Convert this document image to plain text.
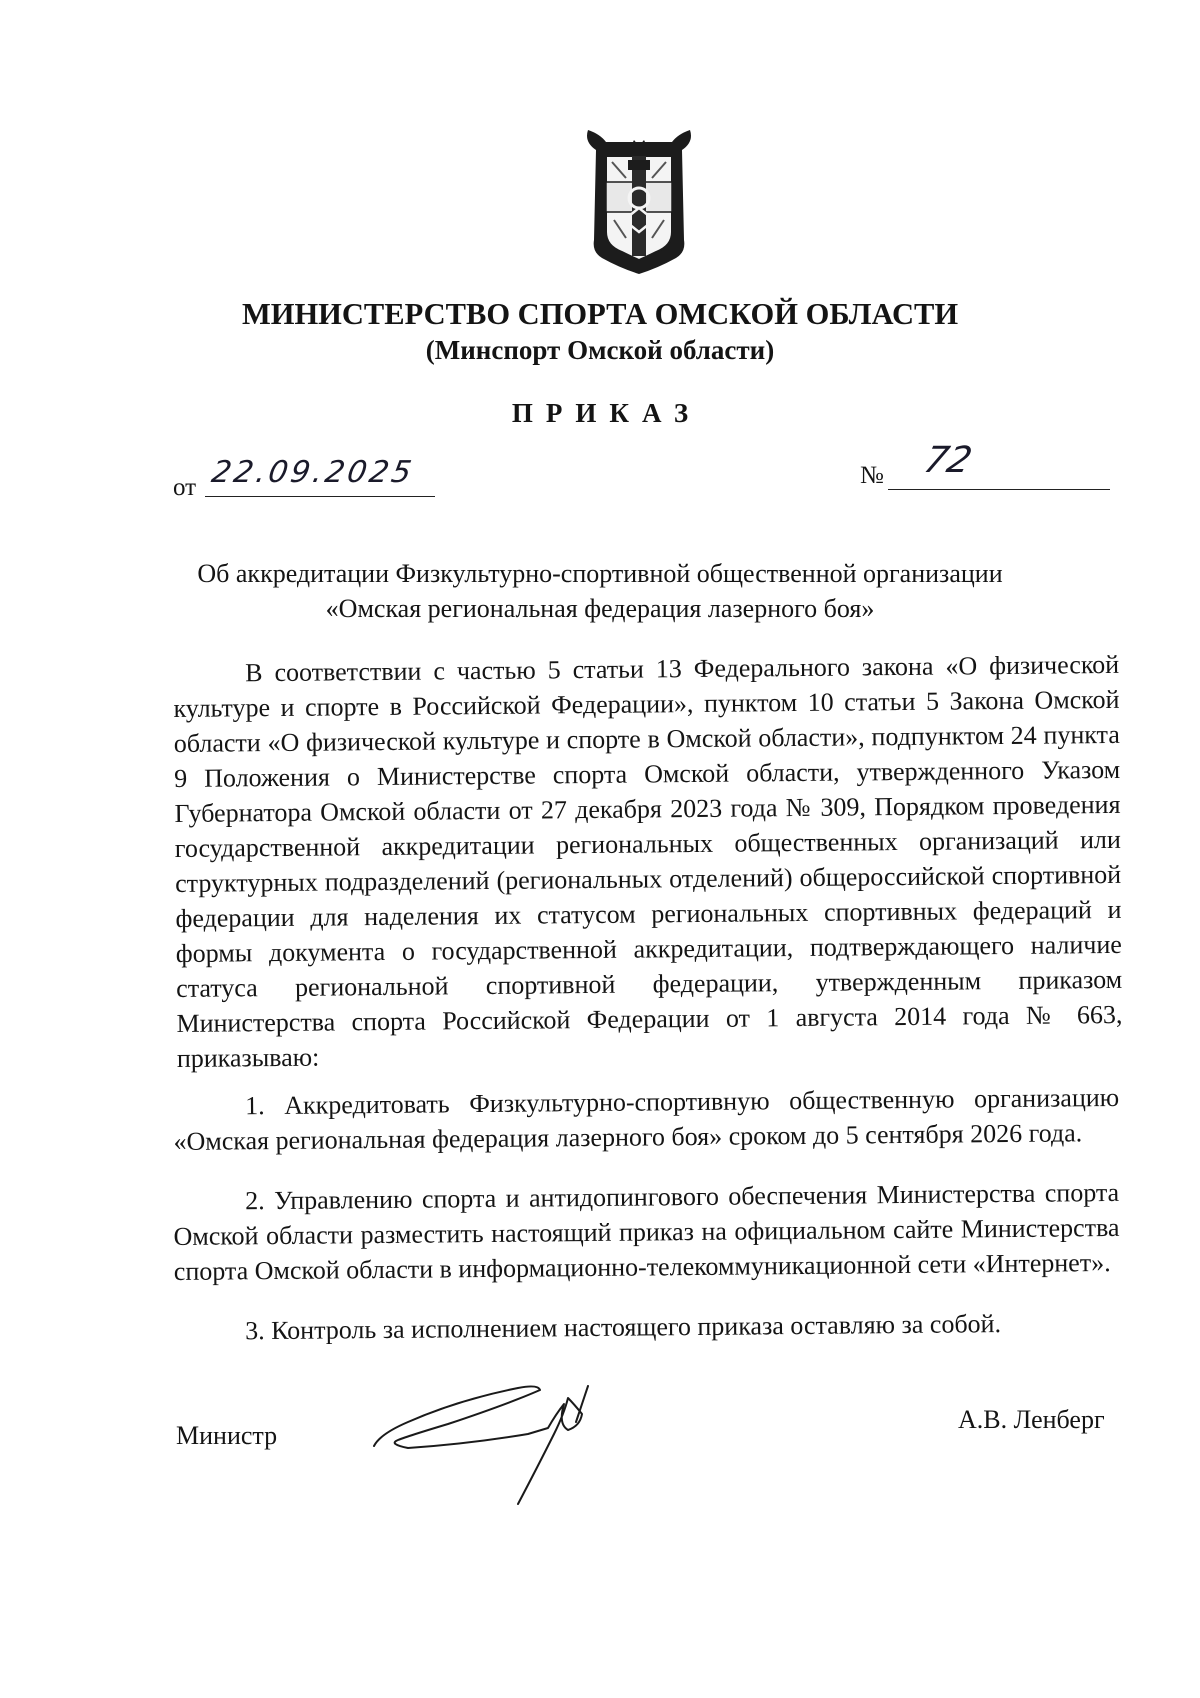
МИНИСТЕРСТВО СПОРТА ОМСКОЙ ОБЛАСТИ
(Минспорт Омской области)
ПРИКАЗ
от 22.09.2025	№ 72
Об аккредитации Физкультурно-спортивной общественной организации
«Омская региональная федерация лазерного боя»

В соответствии с частью 5 статьи 13 Федерального закона «О физической культуре и спорте в Российской Федерации», пунктом 10 статьи 5 Закона Омской области «О физической культуре и спорте в Омской области», подпунктом 24 пункта 9 Положения о Министерстве спорта Омской области, утвержденного Указом Губернатора Омской области от 27 декабря 2023 года № 309, Порядком проведения государственной аккредитации региональных общественных организаций или структурных подразделений (региональных отделений) общероссийской спортивной федерации для наделения их статусом региональных спортивных федераций и формы документа о государственной аккредитации, подтверждающего наличие статуса региональной спортивной федерации, утвержденным приказом Министерства спорта Российской Федерации от 1 августа 2014 года № 663, приказываю:

1. Аккредитовать Физкультурно-спортивную общественную организацию «Омская региональная федерация лазерного боя» сроком до 5 сентября 2026 года.

2. Управлению спорта и антидопингового обеспечения Министерства спорта Омской области разместить настоящий приказ на официальном сайте Министерства спорта Омской области в информационно-телекоммуникационной сети «Интернет».

3. Контроль за исполнением настоящего приказа оставляю за собой.

Министр
А.В. Ленберг
